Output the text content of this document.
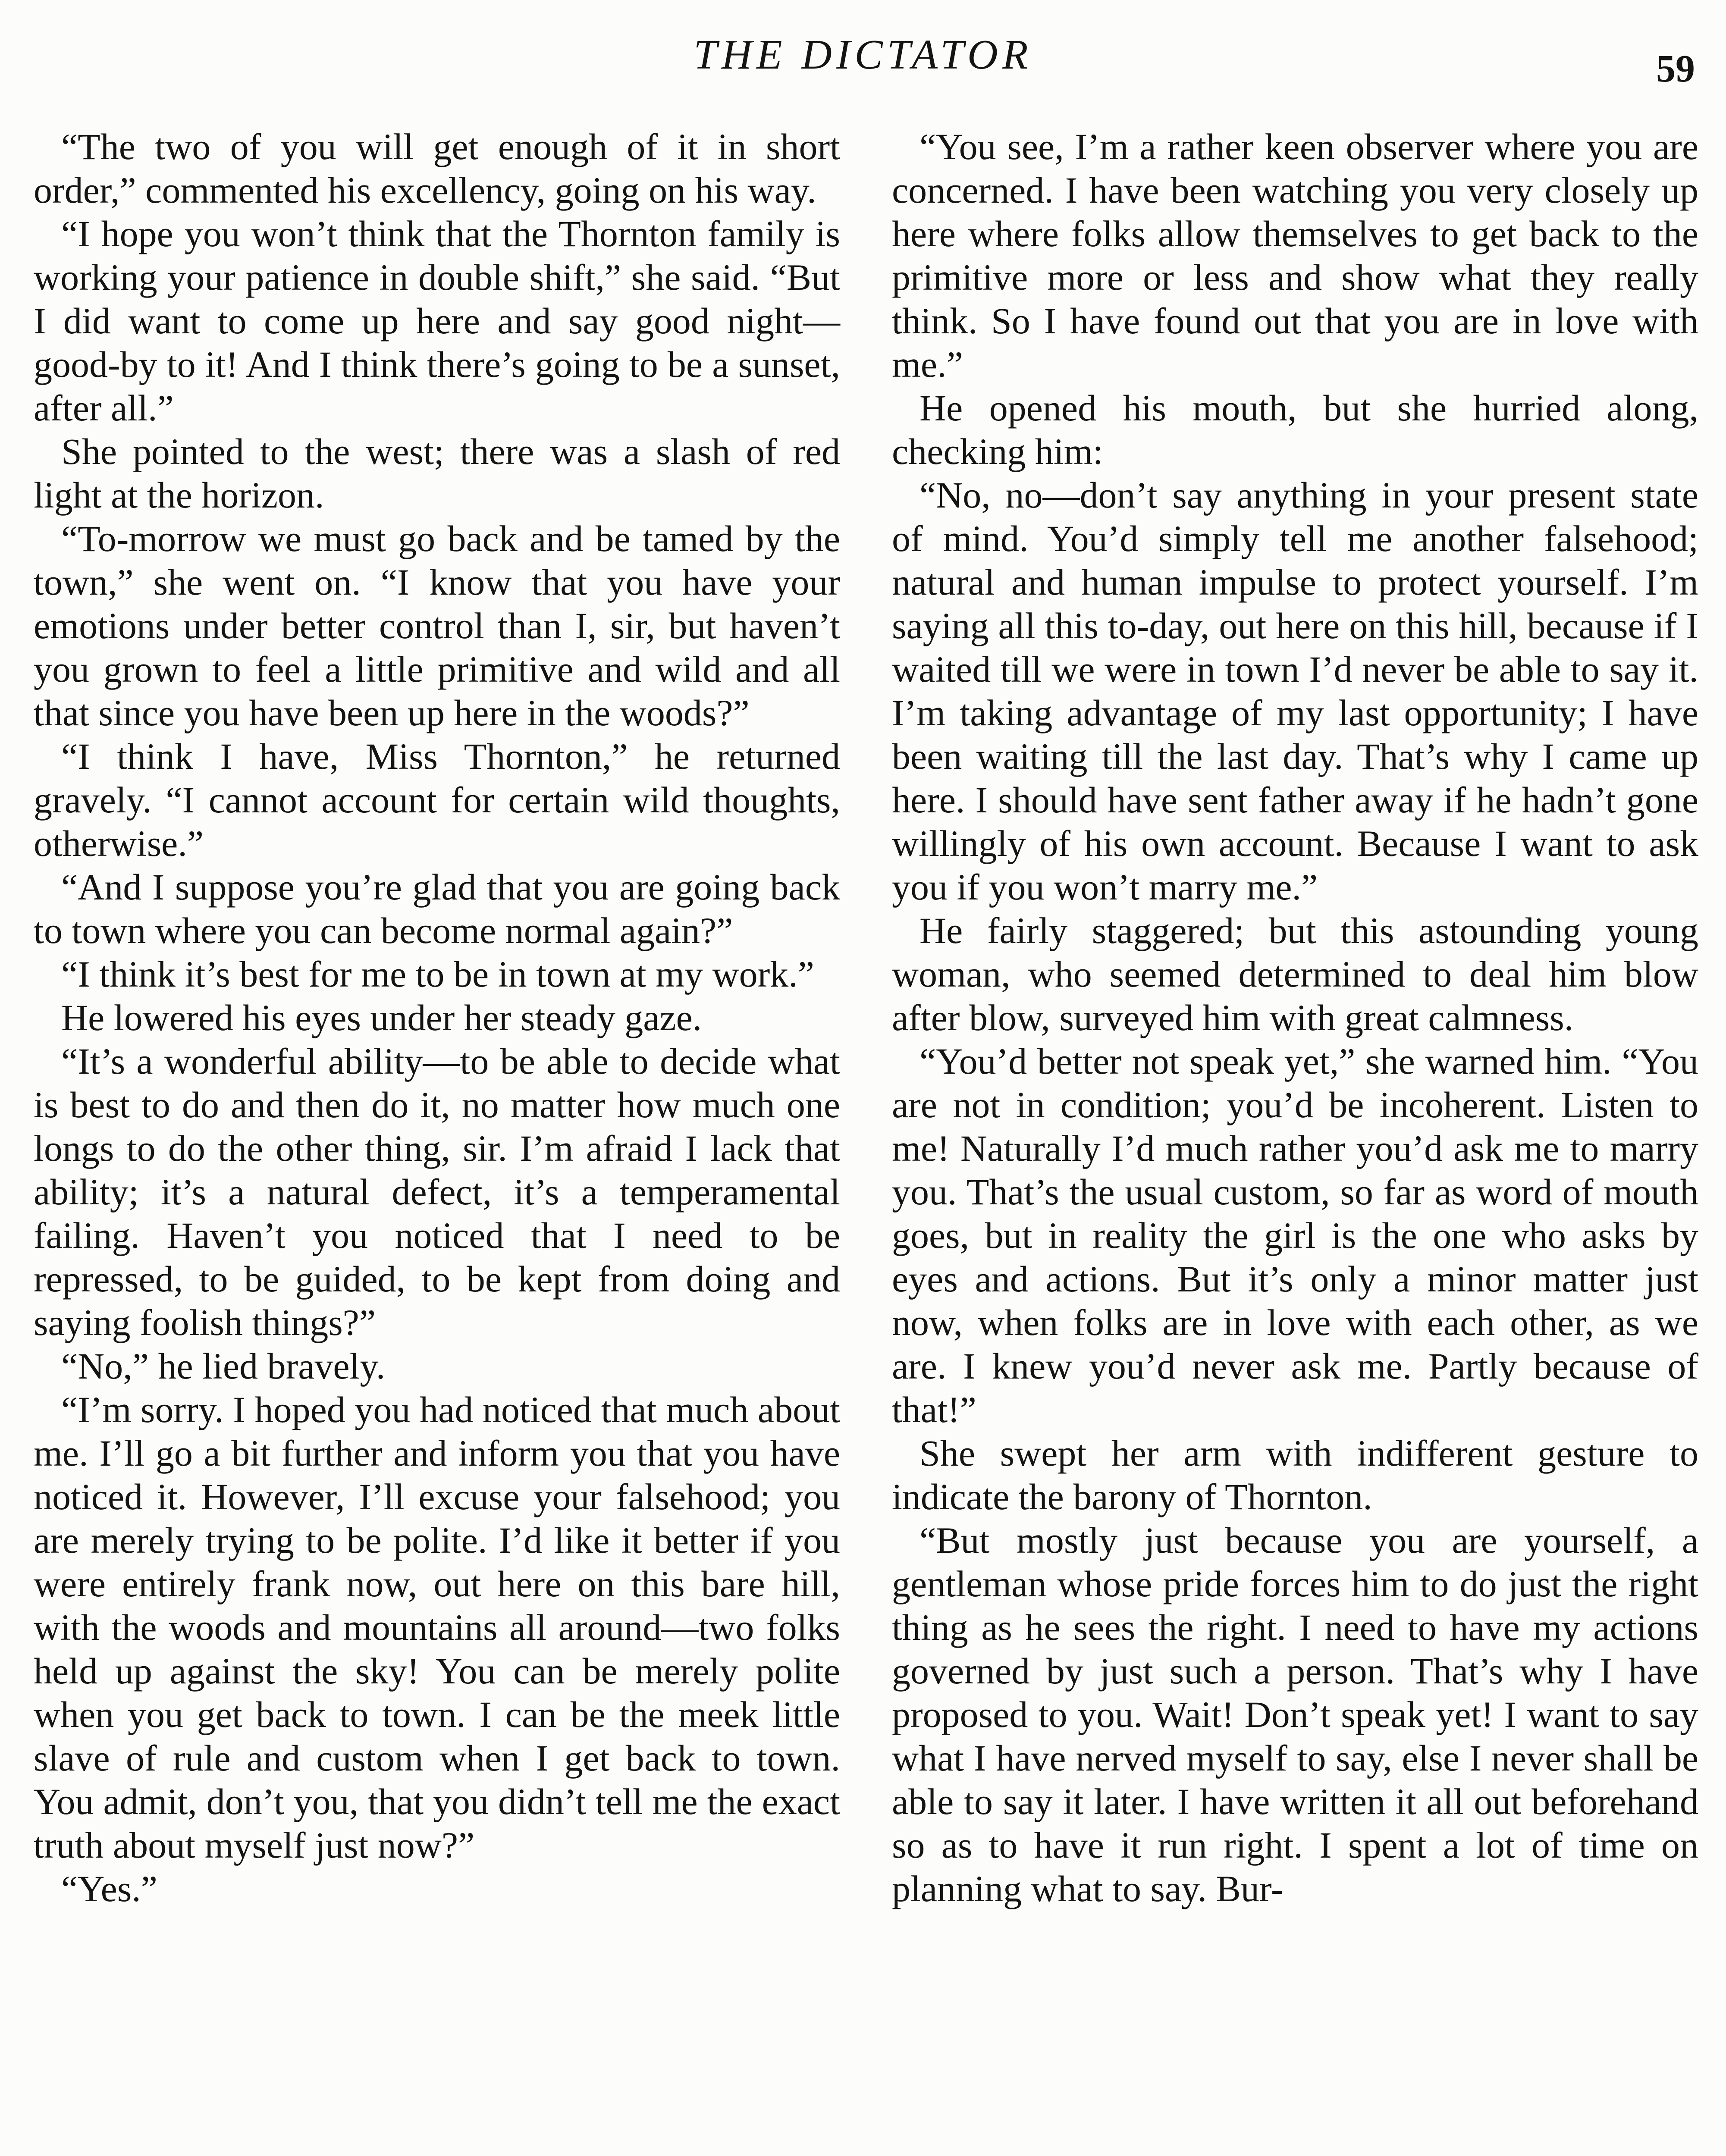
THE DICTATOR	59

“The two of you will get enough of it in short order,” commented his excellency, going on his way.

“I hope you won’t think that the Thornton family is working your patience in double shift,” she said. “But I did want to come up here and say good night—good-by to it! And I think there’s going to be a sunset, after all.”

She pointed to the west; there was a slash of red light at the horizon.

“To-morrow we must go back and be tamed by the town,” she went on. “I know that you have your emotions under better control than I, sir, but haven’t you grown to feel a little primitive and wild and all that since you have been up here in the woods?”

“I think I have, Miss Thornton,” he returned gravely. “I cannot account for certain wild thoughts, otherwise.”

“And I suppose you’re glad that you are going back to town where you can become normal again?”

“I think it’s best for me to be in town at my work.”

He lowered his eyes under her steady gaze.

“It’s a wonderful ability—to be able to decide what is best to do and then do it, no matter how much one longs to do the other thing, sir. I’m afraid I lack that ability; it’s a natural defect, it’s a temperamental failing. Haven’t you noticed that I need to be repressed, to be guided, to be kept from doing and saying foolish things?”

“No,” he lied bravely.

“I’m sorry. I hoped you had noticed that much about me. I’ll go a bit further and inform you that you have noticed it. However, I’ll excuse your falsehood; you are merely trying to be polite. I’d like it better if you were entirely frank now, out here on this bare hill, with the woods and mountains all around—two folks held up against the sky! You can be merely polite when you get back to town. I can be the meek little slave of rule and custom when I get back to town. You admit, don’t you, that you didn’t tell me the exact truth about myself just now?”

“Yes.”

“You see, I’m a rather keen observer where you are concerned. I have been watching you very closely up here where folks allow themselves to get back to the primitive more or less and show what they really think. So I have found out that you are in love with me.”

He opened his mouth, but she hurried along, checking him:

“No, no—don’t say anything in your present state of mind. You’d simply tell me another falsehood; natural and human impulse to protect yourself. I’m saying all this to-day, out here on this hill, because if I waited till we were in town I’d never be able to say it. I’m taking advantage of my last opportunity; I have been waiting till the last day. That’s why I came up here. I should have sent father away if he hadn’t gone willingly of his own account. Because I want to ask you if you won’t marry me.”

He fairly staggered; but this astounding young woman, who seemed determined to deal him blow after blow, surveyed him with great calmness.

“You’d better not speak yet,” she warned him. “You are not in condition; you’d be incoherent. Listen to me! Naturally I’d much rather you’d ask me to marry you. That’s the usual custom, so far as word of mouth goes, but in reality the girl is the one who asks by eyes and actions. But it’s only a minor matter just now, when folks are in love with each other, as we are. I knew you’d never ask me. Partly because of that!”

She swept her arm with indifferent gesture to indicate the barony of Thornton.

“But mostly just because you are yourself, a gentleman whose pride forces him to do just the right thing as he sees the right. I need to have my actions governed by just such a person. That’s why I have proposed to you. Wait! Don’t speak yet! I want to say what I have nerved myself to say, else I never shall be able to say it later. I have written it all out beforehand so as to have it run right. I spent a lot of time on planning what to say. Bur-
